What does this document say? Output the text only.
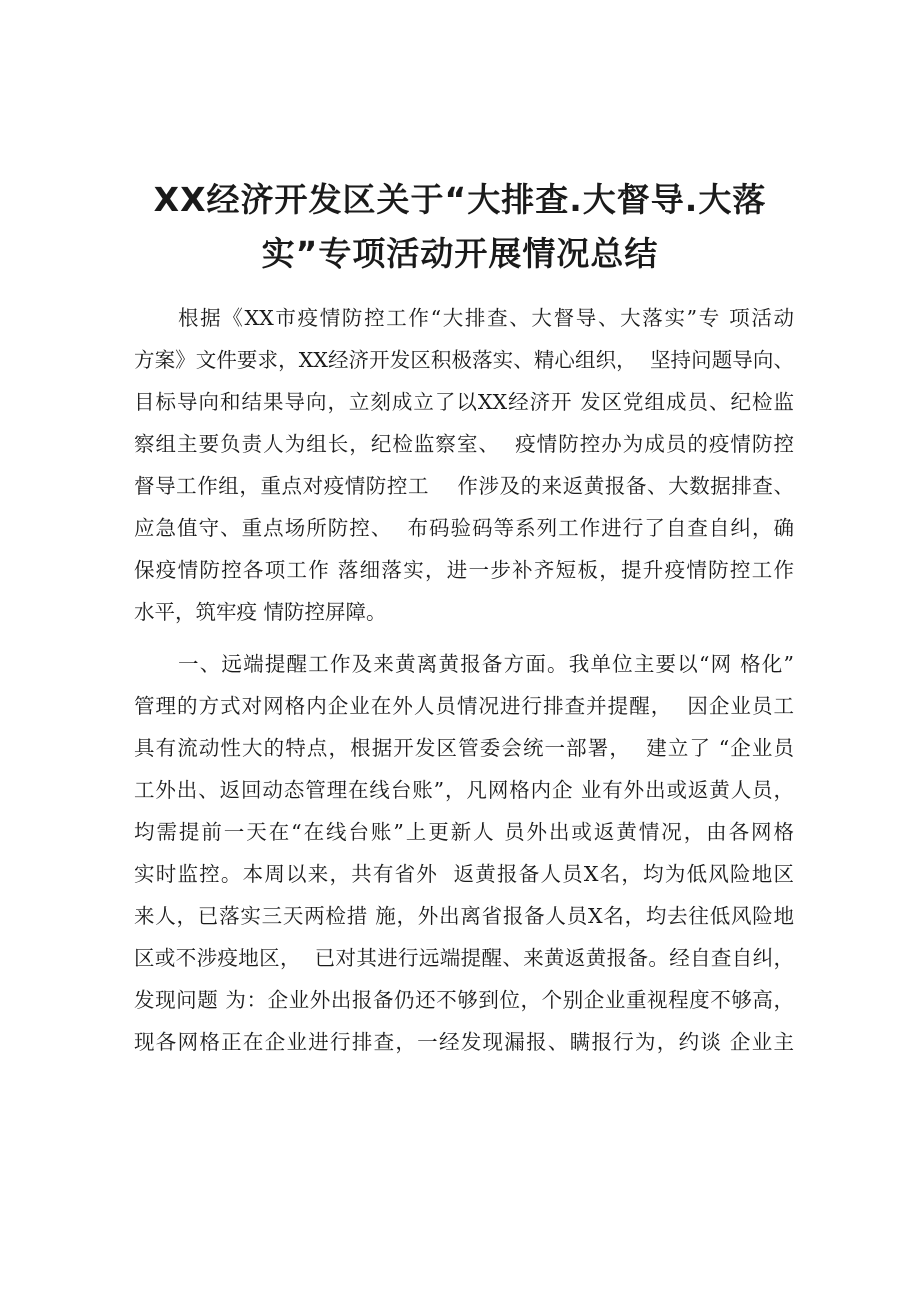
XX经济开发区关于“大排查.大督导.大落
实”专项活动开展情况总结
根据《XX市疫情防控工作“大排查、大督导、大落实”专 项活动
方案》文件要求，XX经济开发区积极落实、精心组织，  坚持问题导向、
目标导向和结果导向，立刻成立了以XX经济开 发区党组成员、纪检监
察组主要负责人为组长，纪检监察室、  疫情防控办为成员的疫情防控
督导工作组，重点对疫情防控工    作涉及的来返黄报备、大数据排查、
应急值守、重点场所防控、  布码验码等系列工作进行了自查自纠，确
保疫情防控各项工作 落细落实，进一步补齐短板，提升疫情防控工作
水平，筑牢疫 情防控屏障。
一、远端提醒工作及来黄离黄报备方面。我单位主要以“网 格化”
管理的方式对网格内企业在外人员情况进行排查并提醒，  因企业员工
具有流动性大的特点，根据开发区管委会统一部署，  建立了 “企业员
工外出、返回动态管理在线台账”，凡网格内企 业有外出或返黄人员，
均需提前一天在“在线台账”上更新人 员外出或返黄情况，由各网格
实时监控。本周以来，共有省外  返黄报备人员X名，均为低风险地区
来人，已落实三天两检措 施，外出离省报备人员X名，均去往低风险地
区或不涉疫地区，  已对其进行远端提醒、来黄返黄报备。经自查自纠，
发现问题 为：企业外出报备仍还不够到位，个别企业重视程度不够高，
现各网格正在企业进行排查，一经发现漏报、瞒报行为，约谈 企业主
